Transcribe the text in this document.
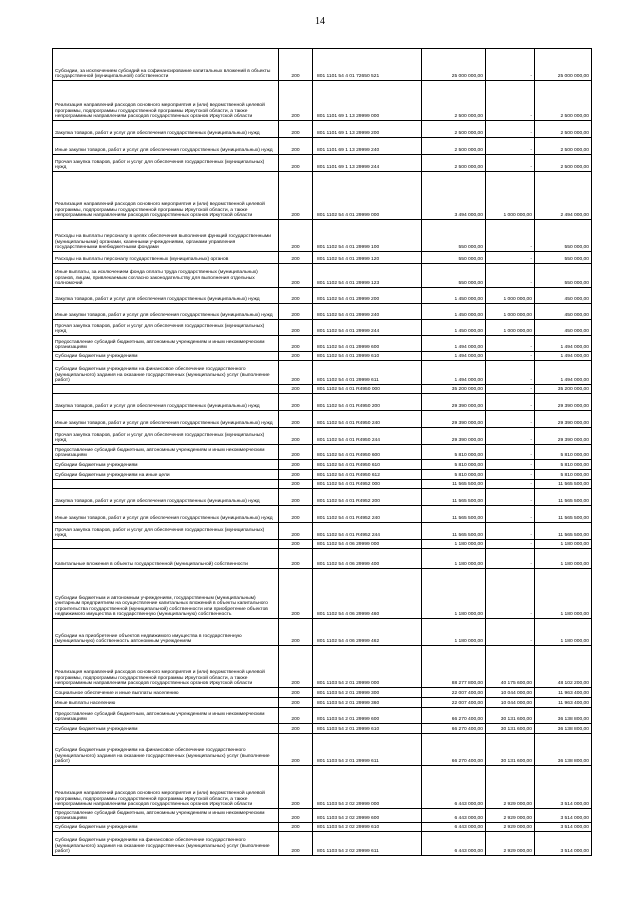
14
Субсидии, за исключением субсидий на софинансирование капитальных вложений в объекты государственной (муниципальной) собственности	200	801 1101 54 4 01 72650 521	25 000 000,00	-	25 000 000,00
Реализация направлений расходов основного мероприятия и (или) ведомственной целевой программы, подпрограммы государственной программы Иркутской области, а также непрограммным направлениям расходов государственных органов Иркутской области	200	801 1101 69 1 13 29999 000	2 500 000,00	-	2 500 000,00
Закупка товаров, работ и услуг для обеспечения государственных (муниципальных) нужд	200	801 1101 69 1 13 29999 200	2 500 000,00	-	2 500 000,00
Иные закупки товаров, работ и услуг для обеспечения государственных (муниципальных) нужд	200	801 1101 69 1 13 29999 240	2 500 000,00	-	2 500 000,00
Прочая закупка товаров, работ и услуг для обеспечения государственных (муниципальных) нужд	200	801 1101 69 1 13 29999 244	2 500 000,00	-	2 500 000,00
Реализация направлений расходов основного мероприятия и (или) ведомственной целевой программы, подпрограммы государственной программы Иркутской области, а также непрограммным направлениям расходов государственных органов Иркутской области	200	801 1102 54 4 01 29999 000	3 494 000,00	1 000 000,00	2 494 000,00
Расходы на выплаты персоналу в целях обеспечения выполнения функций государственными (муниципальными) органами, казенными учреждениями, органами управления государственными внебюджетными фондами	200	801 1102 54 4 01 29999 100	550 000,00	-	550 000,00
Расходы на выплаты персоналу государственных (муниципальных) органов	200	801 1102 54 4 01 29999 120	550 000,00	-	550 000,00
Иные выплаты, за исключением фонда оплаты труда государственных (муниципальных) органов, лицам, привлекаемым согласно законодательству для выполнения отдельных полномочий	200	801 1102 54 4 01 29999 123	550 000,00	-	550 000,00
Закупка товаров, работ и услуг для обеспечения государственных (муниципальных) нужд	200	801 1102 54 4 01 29999 200	1 450 000,00	1 000 000,00	450 000,00
Иные закупки товаров, работ и услуг для обеспечения государственных (муниципальных) нужд	200	801 1102 54 4 01 29999 240	1 450 000,00	1 000 000,00	450 000,00
Прочая закупка товаров, работ и услуг для обеспечения государственных (муниципальных) нужд	200	801 1102 54 4 01 29999 244	1 450 000,00	1 000 000,00	450 000,00
Предоставление субсидий бюджетным, автономным учреждениям и иным некоммерческим организациям	200	801 1102 54 4 01 29999 600	1 494 000,00	-	1 494 000,00
Субсидии бюджетным учреждениям	200	801 1102 54 4 01 29999 610	1 494 000,00	-	1 494 000,00
Субсидии бюджетным учреждениям на финансовое обеспечение государственного (муниципального) задания на оказание государственных (муниципальных) услуг (выполнение работ)	200	801 1102 54 4 01 29999 611	1 494 000,00	-	1 494 000,00
	200	801 1102 54 4 01 R4950 000	35 200 000,00	-	35 200 000,00
Закупка товаров, работ и услуг для обеспечения государственных (муниципальных) нужд	200	801 1102 54 4 01 R4950 200	29 390 000,00	-	29 390 000,00
Иные закупки товаров, работ и услуг для обеспечения государственных (муниципальных) нужд	200	801 1102 54 4 01 R4950 240	29 390 000,00	-	29 390 000,00
Прочая закупка товаров, работ и услуг для обеспечения государственных (муниципальных) нужд	200	801 1102 54 4 01 R4950 244	29 390 000,00	-	29 390 000,00
Предоставление субсидий бюджетным, автономным учреждениям и иным некоммерческим организациям	200	801 1102 54 4 01 R4950 600	5 810 000,00	-	5 810 000,00
Субсидии бюджетным учреждениям	200	801 1102 54 4 01 R4950 610	5 810 000,00	-	5 810 000,00
Субсидии бюджетным учреждениям на иные цели	200	801 1102 54 4 01 R4950 612	5 810 000,00	-	5 810 000,00
	200	801 1102 54 4 01 R4952 000	11 565 500,00	-	11 565 500,00
Закупка товаров, работ и услуг для обеспечения государственных (муниципальных) нужд	200	801 1102 54 4 01 R4952 200	11 565 500,00	-	11 565 500,00
Иные закупки товаров, работ и услуг для обеспечения государственных (муниципальных) нужд	200	801 1102 54 4 01 R4952 240	11 565 500,00	-	11 565 500,00
Прочая закупка товаров, работ и услуг для обеспечения государственных (муниципальных) нужд	200	801 1102 54 4 01 R4952 244	11 565 500,00	-	11 565 500,00
	200	801 1102 54 4 06 29999 000	1 180 000,00	-	1 180 000,00
Капитальные вложения в объекты государственной (муниципальной) собственности	200	801 1102 54 4 06 29999 400	1 180 000,00	-	1 180 000,00
Субсидии бюджетным и автономным учреждениям, государственным (муниципальным) унитарным предприятиям на осуществление капитальных вложений в объекты капитального строительства государственной (муниципальной) собственности или приобретение объектов недвижимого имущества в государственную (муниципальную) собственность	200	801 1102 54 4 06 29999 460	1 180 000,00	-	1 180 000,00
Субсидии на приобретение объектов недвижимого имущества в государственную (муниципальную) собственность автономным учреждениям	200	801 1102 54 4 06 29999 462	1 180 000,00	-	1 180 000,00
Реализация направлений расходов основного мероприятия и (или) ведомственной целевой программы, подпрограммы государственной программы Иркутской области, а также непрограммным направлениям расходов государственных органов Иркутской области	200	801 1103 54 2 01 29999 000	88 277 800,00	40 175 600,00	48 102 200,00
Социальное обеспечение и иные выплаты населению	200	801 1103 54 2 01 29999 300	22 007 400,00	10 044 000,00	11 963 400,00
Иные выплаты населению	200	801 1103 54 2 01 29999 360	22 007 400,00	10 044 000,00	11 963 400,00
Предоставление субсидий бюджетным, автономным учреждениям и иным некоммерческим организациям	200	801 1103 54 2 01 29999 600	66 270 400,00	30 131 600,00	36 138 800,00
Субсидии бюджетным учреждениям	200	801 1103 54 2 01 29999 610	66 270 400,00	30 131 600,00	36 138 800,00
Субсидии бюджетным учреждениям на финансовое обеспечение государственного (муниципального) задания на оказание государственных (муниципальных) услуг (выполнение работ)	200	801 1103 54 2 01 29999 611	66 270 400,00	30 131 600,00	36 138 800,00
Реализация направлений расходов основного мероприятия и (или) ведомственной целевой программы, подпрограммы государственной программы Иркутской области, а также непрограммным направлениям расходов государственных органов Иркутской области	200	801 1103 54 2 02 29999 000	6 443 000,00	2 929 000,00	3 514 000,00
Предоставление субсидий бюджетным, автономным учреждениям и иным некоммерческим организациям	200	801 1103 54 2 02 29999 600	6 443 000,00	2 929 000,00	3 514 000,00
Субсидии бюджетным учреждениям	200	801 1103 54 2 02 29999 610	6 443 000,00	2 929 000,00	3 514 000,00
Субсидии бюджетным учреждениям на финансовое обеспечение государственного (муниципального) задания на оказание государственных (муниципальных) услуг (выполнение работ)	200	801 1103 54 2 02 29999 611	6 443 000,00	2 929 000,00	3 514 000,00
